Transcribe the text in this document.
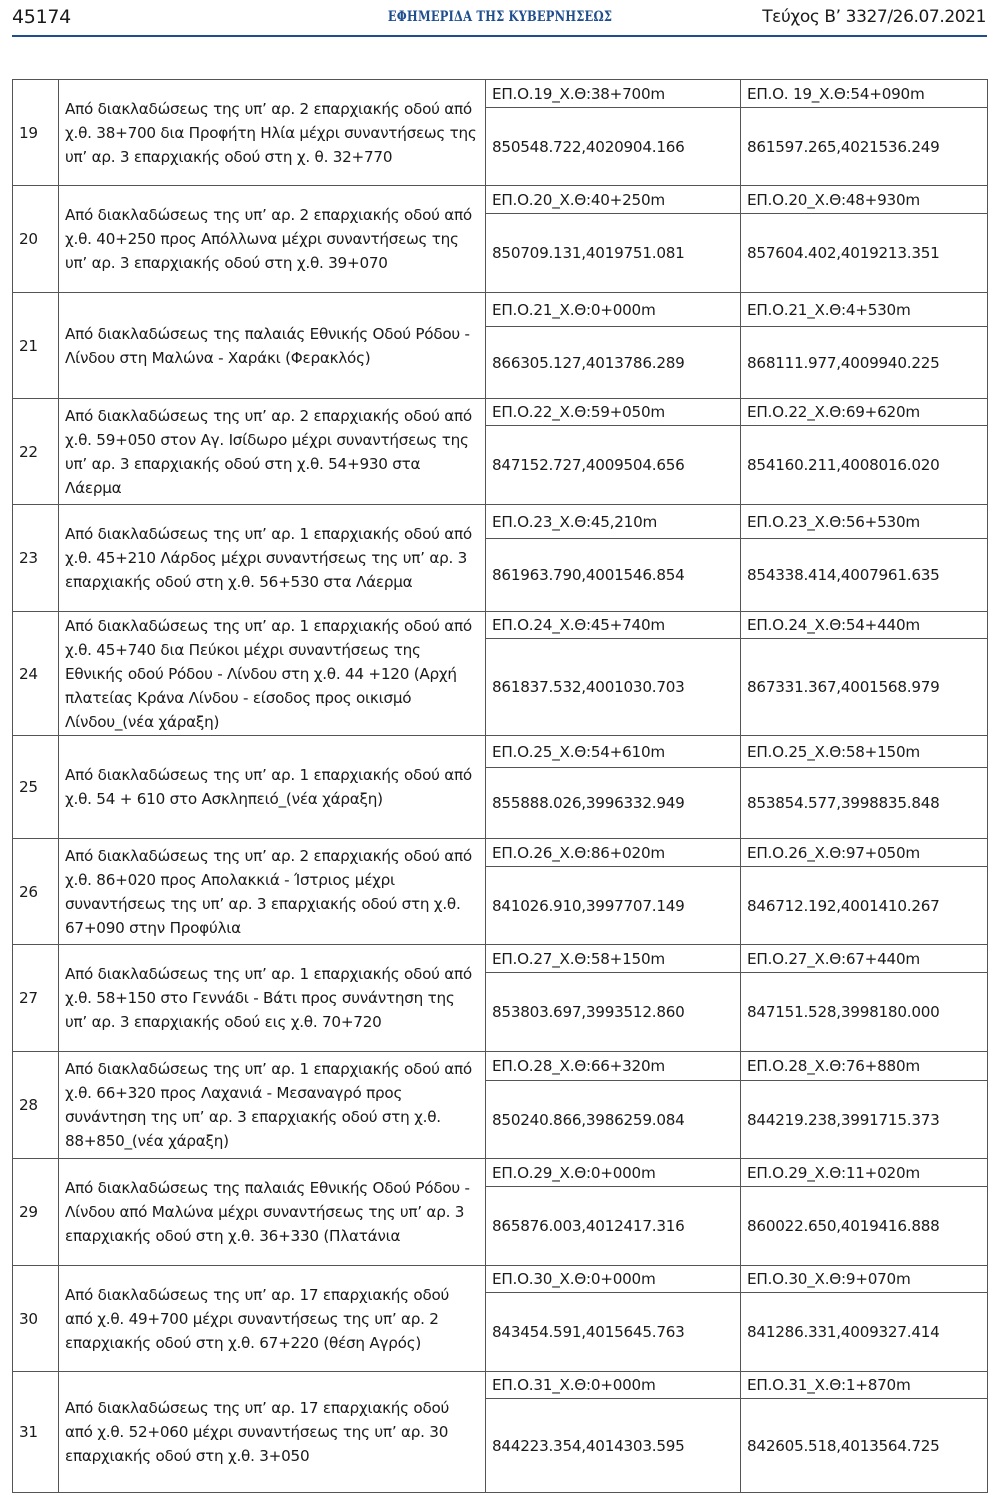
45174	ΕΦΗΜΕΡΙΔΑ ΤΗΣ ΚΥΒΕΡΝΗΣΕΩΣ	Τεύχος Β’ 3327/26.07.2021
19	Από διακλαδώσεως της υπ’ αρ. 2 επαρχιακής οδού από χ.θ. 38+700 δια Προφήτη Ηλία μέχρι συναντήσεως της υπ’ αρ. 3 επαρχιακής οδού στη χ. θ. 32+770	ΕΠ.Ο.19_Χ.Θ:38+700m	ΕΠ.Ο. 19_Χ.Θ:54+090m
		850548.722,4020904.166	861597.265,4021536.249
20	Από διακλαδώσεως της υπ’ αρ. 2 επαρχιακής οδού από χ.θ. 40+250 προς Απόλλωνα μέχρι συναντήσεως της υπ’ αρ. 3 επαρχιακής οδού στη χ.θ. 39+070	ΕΠ.Ο.20_Χ.Θ:40+250m	ΕΠ.Ο.20_Χ.Θ:48+930m
		850709.131,4019751.081	857604.402,4019213.351
21	Από διακλαδώσεως της παλαιάς Εθνικής Οδού Ρόδου - Λίνδου στη Μαλώνα - Χαράκι (Φερακλός)	ΕΠ.Ο.21_Χ.Θ:0+000m	ΕΠ.Ο.21_Χ.Θ:4+530m
		866305.127,4013786.289	868111.977,4009940.225
22	Από διακλαδώσεως της υπ’ αρ. 2 επαρχιακής οδού από χ.θ. 59+050 στον Αγ. Ισίδωρο μέχρι συναντήσεως της υπ’ αρ. 3 επαρχιακής οδού στη χ.θ. 54+930 στα Λάερμα	ΕΠ.Ο.22_Χ.Θ:59+050m	ΕΠ.Ο.22_Χ.Θ:69+620m
		847152.727,4009504.656	854160.211,4008016.020
23	Από διακλαδώσεως της υπ’ αρ. 1 επαρχιακής οδού από χ.θ. 45+210 Λάρδος μέχρι συναντήσεως της υπ’ αρ. 3 επαρχιακής οδού στη χ.θ. 56+530 στα Λάερμα	ΕΠ.Ο.23_Χ.Θ:45,210m	ΕΠ.Ο.23_Χ.Θ:56+530m
		861963.790,4001546.854	854338.414,4007961.635
24	Από διακλαδώσεως της υπ’ αρ. 1 επαρχιακής οδού από χ.θ. 45+740 δια Πεύκοι μέχρι συναντήσεως της Εθνικής οδού Ρόδου - Λίνδου στη χ.θ. 44 +120 (Αρχή πλατείας Κράνα Λίνδου - είσοδος προς οικισμό Λίνδου_(νέα χάραξη)	ΕΠ.Ο.24_Χ.Θ:45+740m	ΕΠ.Ο.24_Χ.Θ:54+440m
		861837.532,4001030.703	867331.367,4001568.979
25	Από διακλαδώσεως της υπ’ αρ. 1 επαρχιακής οδού από χ.θ. 54 + 610 στο Ασκληπειό_(νέα χάραξη)	ΕΠ.Ο.25_Χ.Θ:54+610m	ΕΠ.Ο.25_Χ.Θ:58+150m
		855888.026,3996332.949	853854.577,3998835.848
26	Από διακλαδώσεως της υπ’ αρ. 2 επαρχιακής οδού από χ.θ. 86+020 προς Απολακκιά - Ίστριος μέχρι συναντήσεως της υπ’ αρ. 3 επαρχιακής οδού στη χ.θ. 67+090 στην Προφύλια	ΕΠ.Ο.26_Χ.Θ:86+020m	ΕΠ.Ο.26_Χ.Θ:97+050m
		841026.910,3997707.149	846712.192,4001410.267
27	Από διακλαδώσεως της υπ’ αρ. 1 επαρχιακής οδού από χ.θ. 58+150 στο Γεννάδι - Βάτι προς συνάντηση της υπ’ αρ. 3 επαρχιακής οδού εις χ.θ. 70+720	ΕΠ.Ο.27_Χ.Θ:58+150m	ΕΠ.Ο.27_Χ.Θ:67+440m
		853803.697,3993512.860	847151.528,3998180.000
28	Από διακλαδώσεως της υπ’ αρ. 1 επαρχιακής οδού από χ.θ. 66+320 προς Λαχανιά - Μεσαναγρό προς συνάντηση της υπ’ αρ. 3 επαρχιακής οδού στη χ.θ. 88+850_(νέα χάραξη)	ΕΠ.Ο.28_Χ.Θ:66+320m	ΕΠ.Ο.28_Χ.Θ:76+880m
		850240.866,3986259.084	844219.238,3991715.373
29	Από διακλαδώσεως της παλαιάς Εθνικής Οδού Ρόδου - Λίνδου από Μαλώνα μέχρι συναντήσεως της υπ’ αρ. 3 επαρχιακής οδού στη χ.θ. 36+330 (Πλατάνια	ΕΠ.Ο.29_Χ.Θ:0+000m	ΕΠ.Ο.29_Χ.Θ:11+020m
		865876.003,4012417.316	860022.650,4019416.888
30	Από διακλαδώσεως της υπ’ αρ. 17 επαρχιακής οδού από χ.θ. 49+700 μέχρι συναντήσεως της υπ’ αρ. 2 επαρχιακής οδού στη χ.θ. 67+220 (θέση Αγρός)	ΕΠ.Ο.30_Χ.Θ:0+000m	ΕΠ.Ο.30_Χ.Θ:9+070m
		843454.591,4015645.763	841286.331,4009327.414
31	Από διακλαδώσεως της υπ’ αρ. 17 επαρχιακής οδού από χ.θ. 52+060 μέχρι συναντήσεως της υπ’ αρ. 30 επαρχιακής οδού στη χ.θ. 3+050	ΕΠ.Ο.31_Χ.Θ:0+000m	ΕΠ.Ο.31_Χ.Θ:1+870m
		844223.354,4014303.595	842605.518,4013564.725
